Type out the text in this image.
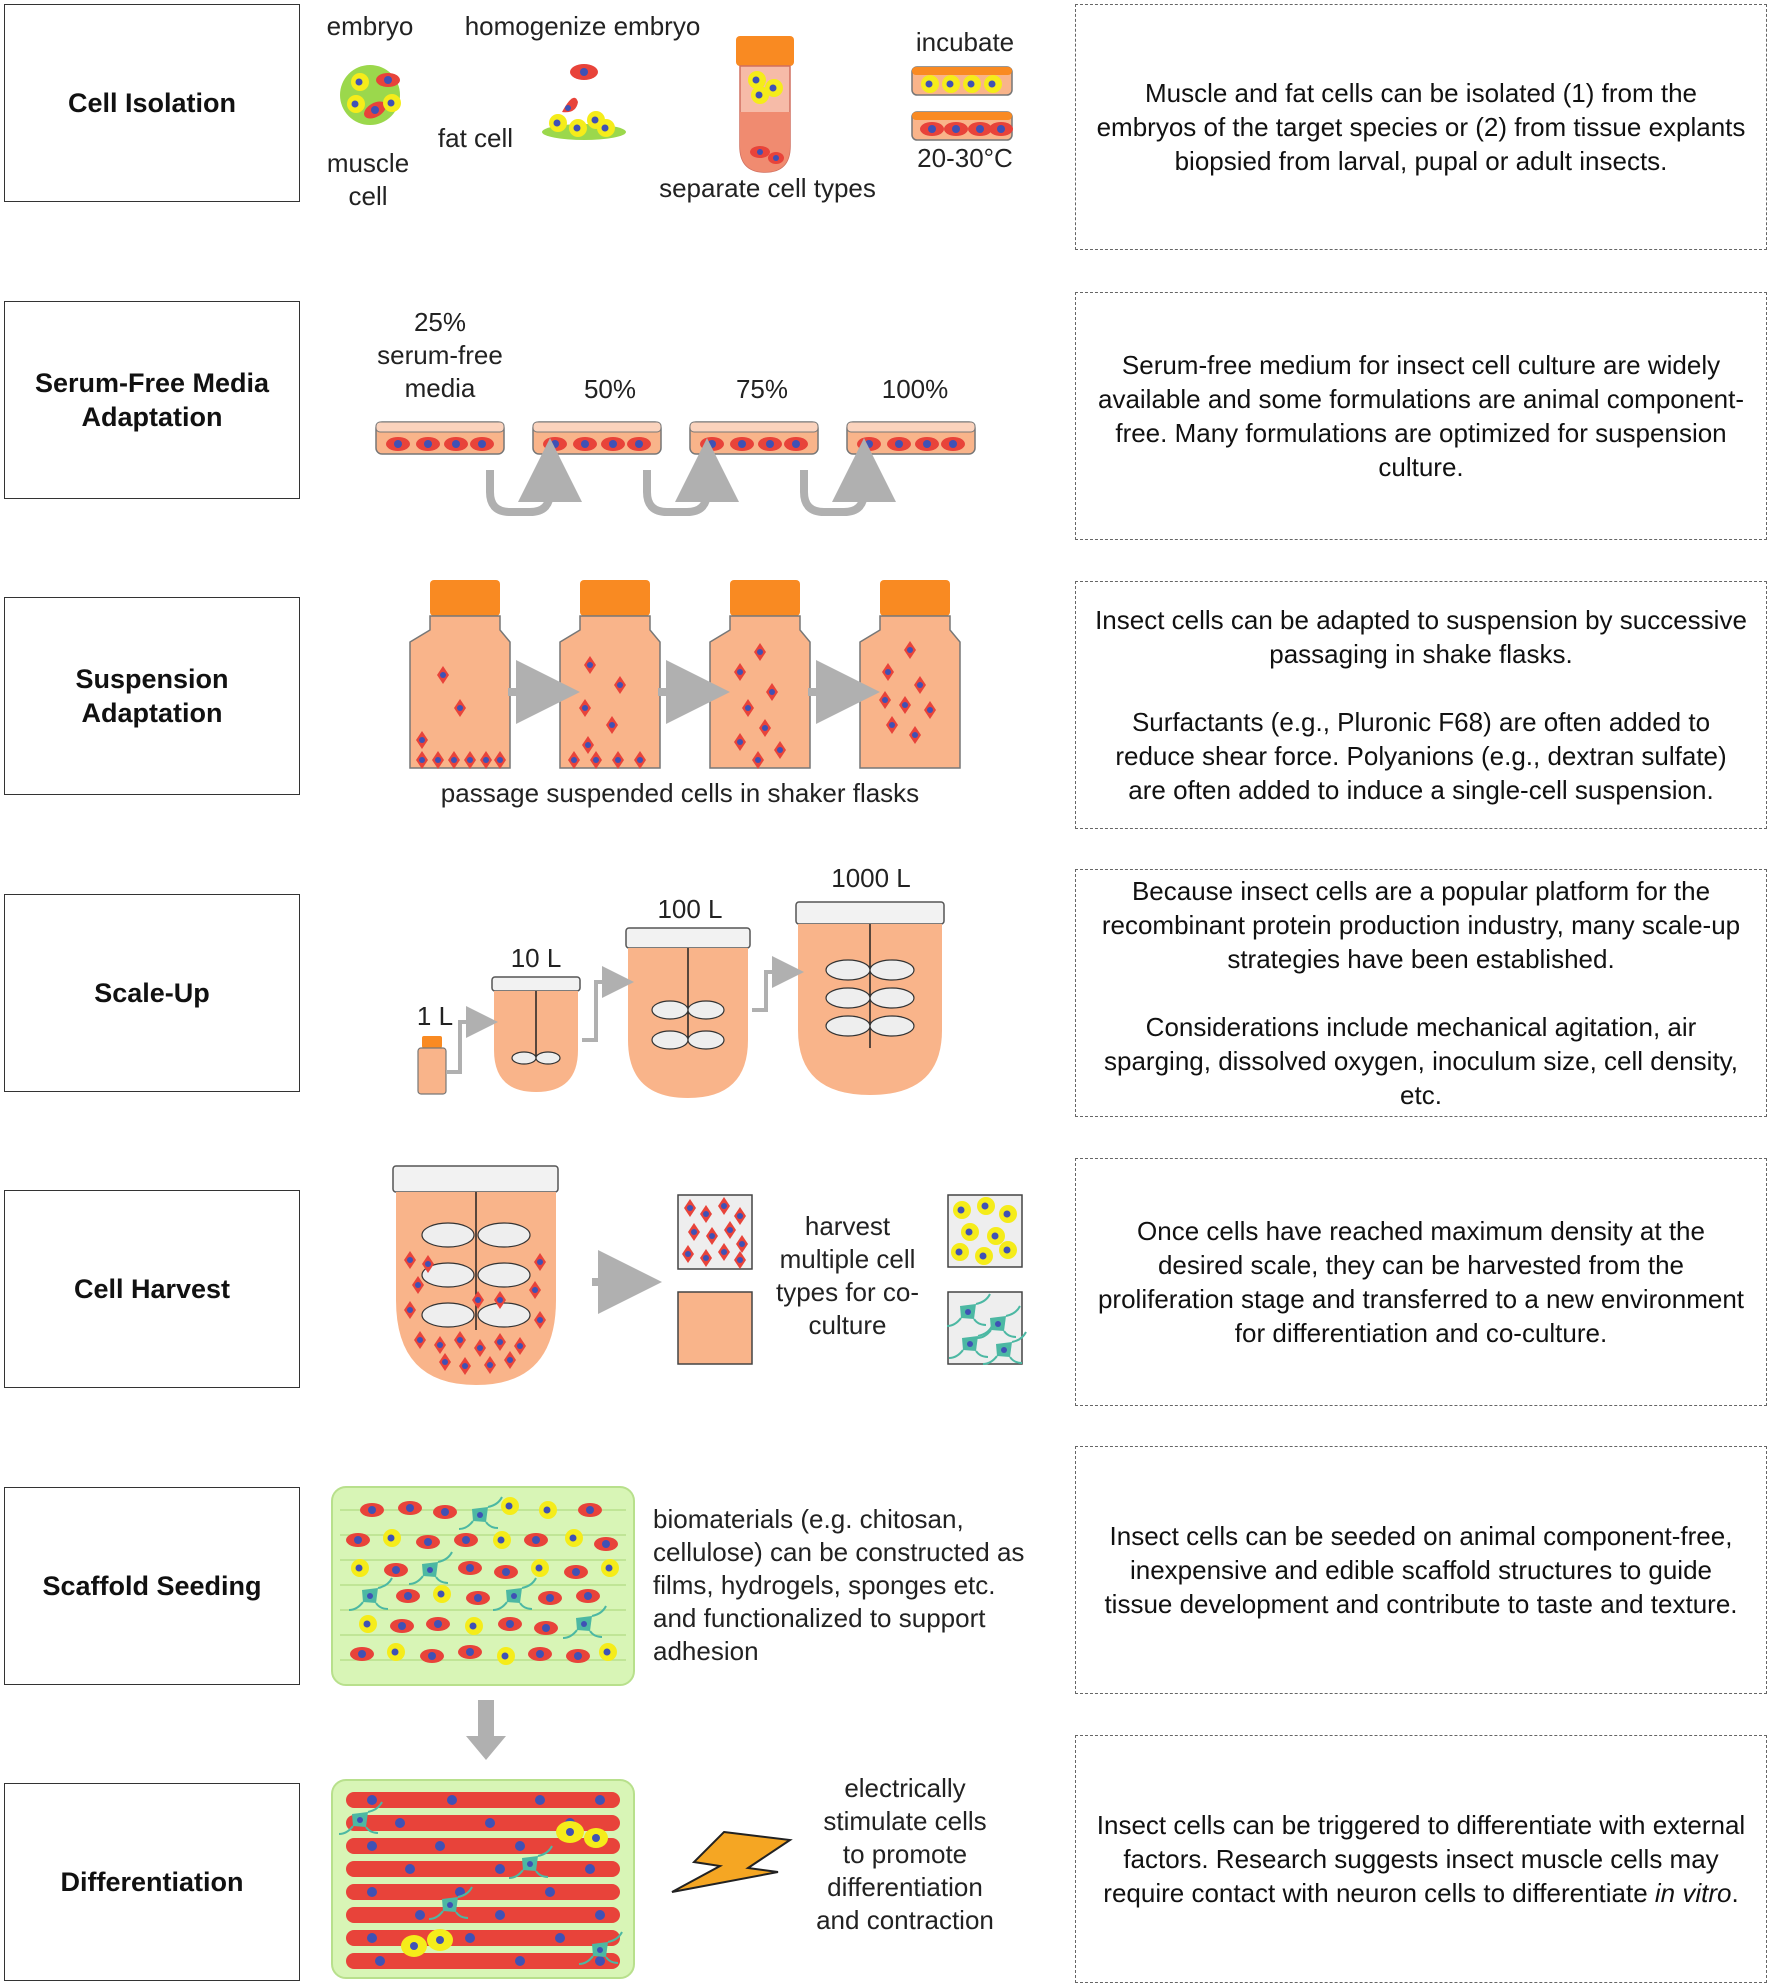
Cell Isolation
Serum-Free Media Adaptation
Suspension Adaptation
Scale-Up
Cell Harvest
Scaffold Seeding
Differentiation
Muscle and fat cells can be isolated (1) from the embryos of the target species or (2) from tissue explants biopsied from larval, pupal or adult insects.
Serum-free medium for insect cell culture are widely available and some formulations are animal component-free. Many formulations are optimized for suspension culture.
Insect cells can be adapted to suspension by successive passaging in shake flasks.

Surfactants (e.g., Pluronic F68) are often added to reduce shear force. Polyanions (e.g., dextran sulfate) are often added to induce a single-cell suspension.
Because insect cells are a popular platform for the recombinant protein production industry, many scale-up strategies have been established.

Considerations include mechanical agitation, air sparging, dissolved oxygen, inoculum size, cell density, etc.
Once cells have reached maximum density at the desired scale, they can be harvested from the proliferation stage and transferred to a new environment for differentiation and co-culture.
Insect cells can be seeded on animal component-free, inexpensive and edible scaffold structures to guide tissue development and contribute to taste and texture.
Insect cells can be triggered to differentiate with external factors. Research suggests insect muscle cells may require contact with neuron cells to differentiate in vitro.
embryo	homogenize embryo
fat cell
muscle
cell	separate cell types
incubate
20-30°C
25%
serum-free
media	50%	75%	100%
passage suspended cells in shaker flasks
1 L
10 L
100 L
1000 L
harvest
multiple cell
types for co-
culture
biomaterials (e.g. chitosan,
cellulose) can be constructed as
films, hydrogels, sponges etc.
and functionalized to support
adhesion
electrically
stimulate cells
to promote
differentiation
and contraction
